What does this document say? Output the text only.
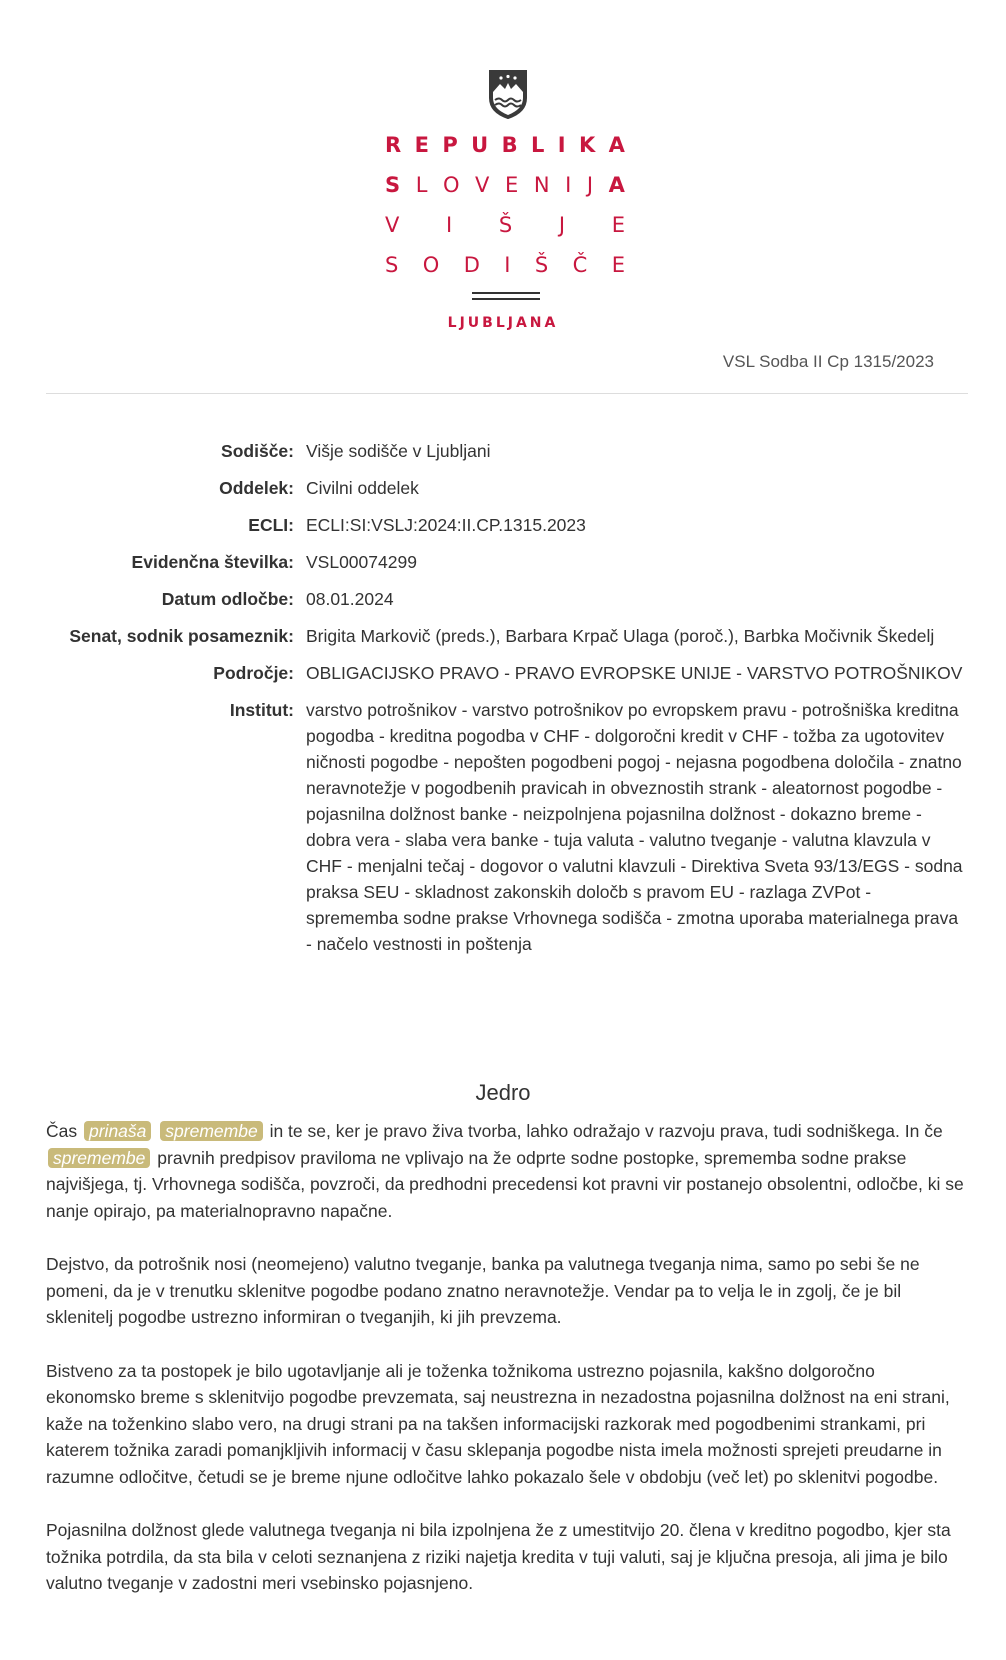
R E P U B L I K A
S L O V E N I J A
V I Š J E
S O D I Š Č E
LJUBLJANA
VSL Sodba II Cp 1315/2023
Sodišče: Višje sodišče v Ljubljani
Oddelek: Civilni oddelek
ECLI: ECLI:SI:VSLJ:2024:II.CP.1315.2023
Evidenčna številka: VSL00074299
Datum odločbe: 08.01.2024
Senat, sodnik posameznik: Brigita Markovič (preds.), Barbara Krpač Ulaga (poroč.), Barbka Močivnik Škedelj
Področje: OBLIGACIJSKO PRAVO - PRAVO EVROPSKE UNIJE - VARSTVO POTROŠNIKOV
Institut: varstvo potrošnikov - varstvo potrošnikov po evropskem pravu - potrošniška kreditna pogodba - kreditna pogodba v CHF - dolgoročni kredit v CHF - tožba za ugotovitev ničnosti pogodbe - nepošten pogodbeni pogoj - nejasna pogodbena določila - znatno neravnotežje v pogodbenih pravicah in obveznostih strank - aleatornost pogodbe - pojasnilna dolžnost banke - neizpolnjena pojasnilna dolžnost - dokazno breme - dobra vera - slaba vera banke - tuja valuta - valutno tveganje - valutna klavzula v CHF - menjalni tečaj - dogovor o valutni klavzuli - Direktiva Sveta 93/13/EGS - sodna praksa SEU - skladnost zakonskih določb s pravom EU - razlaga ZVPot - sprememba sodne prakse Vrhovnega sodišča - zmotna uporaba materialnega prava - načelo vestnosti in poštenja
Jedro

Čas prinaša spremembe in te se, ker je pravo živa tvorba, lahko odražajo v razvoju prava, tudi sodniškega. In če spremembe pravnih predpisov praviloma ne vplivajo na že odprte sodne postopke, sprememba sodne prakse najvišjega, tj. Vrhovnega sodišča, povzroči, da predhodni precedensi kot pravni vir postanejo obsolentni, odločbe, ki se nanje opirajo, pa materialnopravno napačne.

Dejstvo, da potrošnik nosi (neomejeno) valutno tveganje, banka pa valutnega tveganja nima, samo po sebi še ne pomeni, da je v trenutku sklenitve pogodbe podano znatno neravnotežje. Vendar pa to velja le in zgolj, če je bil sklenitelj pogodbe ustrezno informiran o tveganjih, ki jih prevzema.

Bistveno za ta postopek je bilo ugotavljanje ali je toženka tožnikoma ustrezno pojasnila, kakšno dolgoročno ekonomsko breme s sklenitvijo pogodbe prevzemata, saj neustrezna in nezadostna pojasnilna dolžnost na eni strani, kaže na toženkino slabo vero, na drugi strani pa na takšen informacijski razkorak med pogodbenimi strankami, pri katerem tožnika zaradi pomanjkljivih informacij v času sklepanja pogodbe nista imela možnosti sprejeti preudarne in razumne odločitve, četudi se je breme njune odločitve lahko pokazalo šele v obdobju (več let) po sklenitvi pogodbe.

Pojasnilna dolžnost glede valutnega tveganja ni bila izpolnjena že z umestitvijo 20. člena v kreditno pogodbo, kjer sta tožnika potrdila, da sta bila v celoti seznanjena z riziki najetja kredita v tuji valuti, saj je ključna presoja, ali jima je bilo valutno tveganje v zadostni meri vsebinsko pojasnjeno.
